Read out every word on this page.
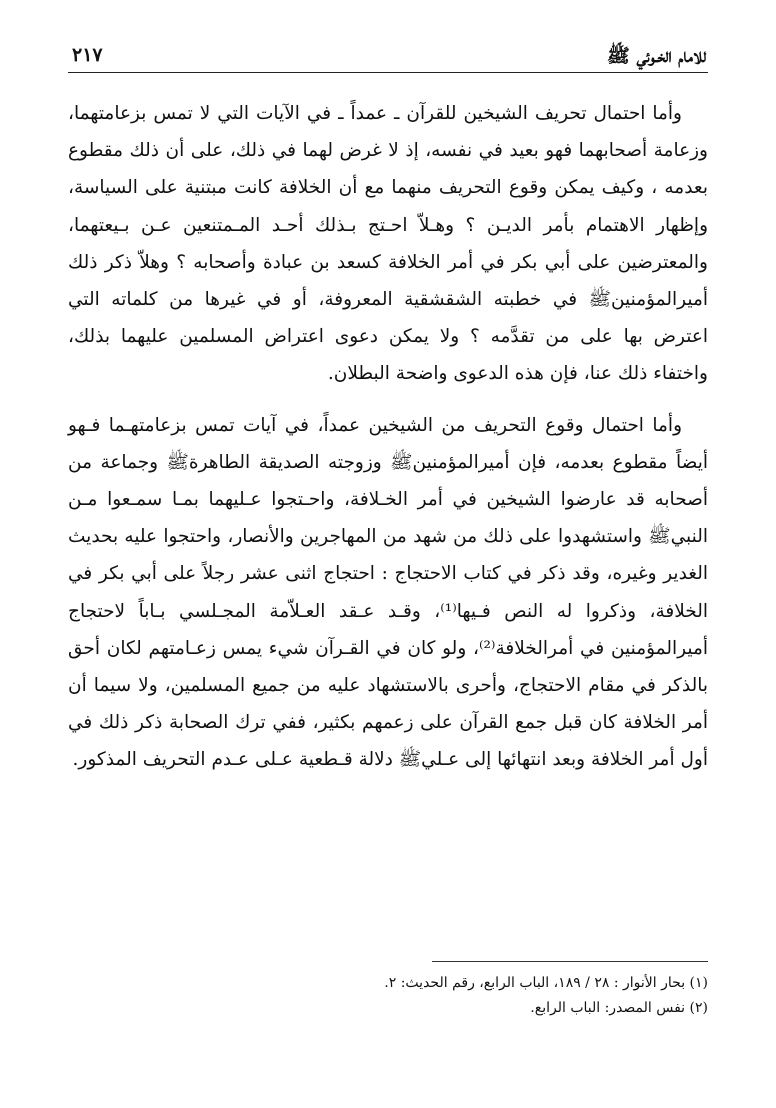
للامام الخـوئي ﷺ
٢١٧

وأما احتمال تحريف الشيخين للقرآن ـ عمداً ـ في الآيات التي لا تمس بزعامتهما، وزعامة أصحابهما فهو بعيد في نفسه، إذ لا غرض لهما في ذلك، على أن ذلك مقطوع بعدمه ، وكيف يمكن وقوع التحريف منهما مع أن الخلافة كانت مبتنية على السياسة، وإظهار الاهتمام بأمر الديـن ؟ وهـلاّ احـتج بـذلك أحـد المـمتنعين عـن بـيعتهما، والمعترضين على أبي بكر في أمر الخلافة كسعد بن عبادة وأصحابه ؟ وهلاّ ذكر ذلك أميرالمؤمنينﷺ في خطبته الشقشقية المعروفة، أو في غيرها من كلماته التي اعترض بها على من تقدَّمه ؟ ولا يمكن دعوى اعتراض المسلمين عليهما بذلك، واختفاء ذلك عنا، فإن هذه الدعوى واضحة البطلان.

وأما احتمال وقوع التحريف من الشيخين عمداً، في آيات تمس بزعامتهـما فـهو أيضاً مقطوع بعدمه، فإن أميرالمؤمنينﷺ وزوجته الصديقة الطاهرةﷺ وجماعة من أصحابه قد عارضوا الشيخين في أمر الخـلافة، واحـتجوا عـليهما بمـا سمـعوا مـن النبيﷺ واستشهدوا على ذلك من شهد من المهاجرين والأنصار، واحتجوا عليه بحديث الغدير وغيره، وقد ذكر في كتاب الاحتجاج : احتجاج اثنى عشر رجلاً على أبي بكر في الخلافة، وذكروا له النص فـيها⁽¹⁾، وقـد عـقد العـلاّمة المجـلسي بـاباً لاحتجاج أميرالمؤمنين في أمرالخلافة⁽²⁾، ولو كان في القـرآن شيء يمس زعـامتهم لكان أحق بالذكر في مقام الاحتجاج، وأحرى بالاستشهاد عليه من جميع المسلمين، ولا سيما أن أمر الخلافة كان قبل جمع القرآن على زعمهم بكثير، ففي ترك الصحابة ذكر ذلك في أول أمر الخلافة وبعد انتهائها إلى عـليﷺ دلالة قـطعية عـلى عـدم التحريف المذكور.

(١) بحار الأنوار : ٢٨ / ١٨٩، الباب الرابع، رقم الحديث: ٢.
(٢) نفس المصدر: الباب الرابع.
